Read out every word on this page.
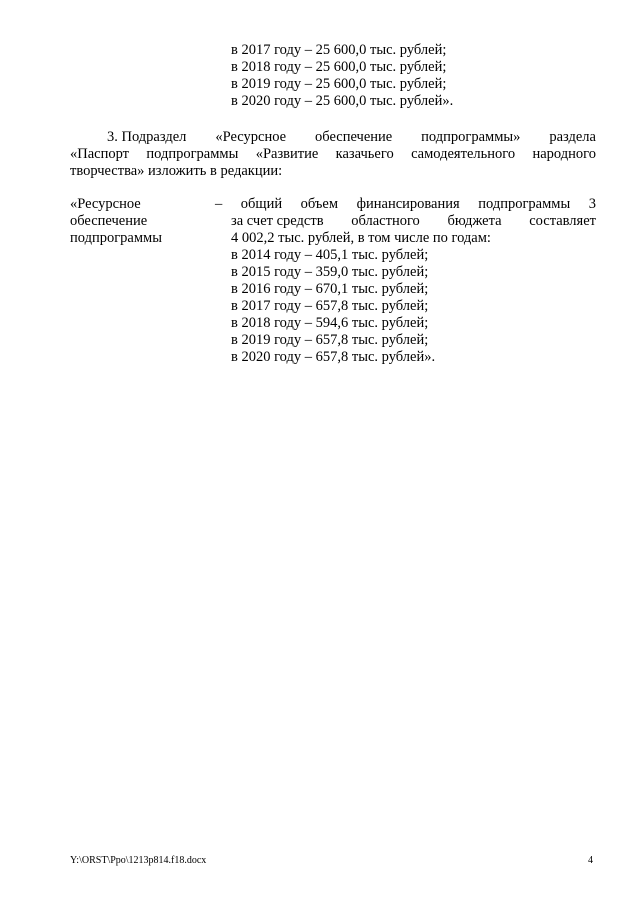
в 2017 году – 25 600,0 тыс. рублей;
в 2018 году – 25 600,0 тыс. рублей;
в 2019 году – 25 600,0 тыс. рублей;
в 2020 году – 25 600,0 тыс. рублей».
3. Подраздел «Ресурсное обеспечение подпрограммы» раздела
«Паспорт подпрограммы «Развитие казачьего самодеятельного народного
творчества» изложить в редакции:
«Ресурсное
обеспечение
подпрограммы
– общий объем финансирования подпрограммы 3
за счет средств областного бюджета составляет
4 002,2 тыс. рублей, в том числе по годам:
в 2014 году – 405,1 тыс. рублей;
в 2015 году – 359,0 тыс. рублей;
в 2016 году – 670,1 тыс. рублей;
в 2017 году – 657,8 тыс. рублей;
в 2018 году – 594,6 тыс. рублей;
в 2019 году – 657,8 тыс. рублей;
в 2020 году – 657,8 тыс. рублей».
Y:\ORST\Ppo\1213p814.f18.docx	4
